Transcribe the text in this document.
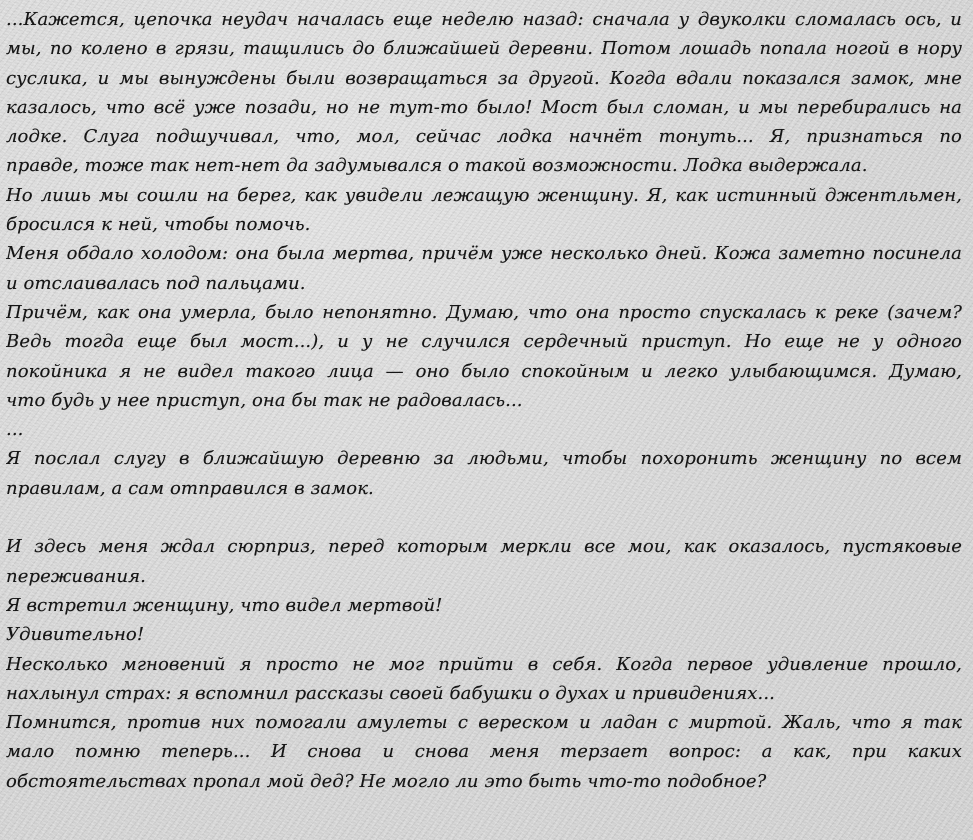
...Кажется, цепочка неудач началась еще неделю назад: сначала у двуколки сломалась ось, и
мы, по колено в грязи, тащились до ближайшей деревни. Потом лошадь попала ногой в нору
суслика, и мы вынуждены были возвращаться за другой. Когда вдали показался замок, мне
казалось, что всё уже позади, но не тут-то было! Мост был сломан, и мы перебирались на
лодке. Слуга подшучивал, что, мол, сейчас лодка начнёт тонуть... Я, признаться по
правде, тоже так нет-нет да задумывался о такой возможности. Лодка выдержала.
Но лишь мы сошли на берег, как увидели лежащую женщину. Я, как истинный джентльмен,
бросился к ней, чтобы помочь.
Меня обдало холодом: она была мертва, причём уже несколько дней. Кожа заметно посинела
и отслаивалась под пальцами.
Причём, как она умерла, было непонятно. Думаю, что она просто спускалась к реке (зачем?
Ведь тогда еще был мост...), и у не случился сердечный приступ. Но еще не у одного
покойника я не видел такого лица — оно было спокойным и легко улыбающимся. Думаю,
что будь у нее приступ, она бы так не радовалась...
...
Я послал слугу в ближайшую деревню за людьми, чтобы похоронить женщину по всем
правилам, а сам отправился в замок.
И здесь меня ждал сюрприз, перед которым меркли все мои, как оказалось, пустяковые
переживания.
Я встретил женщину, что видел мертвой!
Удивительно!
Несколько мгновений я просто не мог прийти в себя. Когда первое удивление прошло,
нахлынул страх: я вспомнил рассказы своей бабушки о духах и привидениях...
Помнится, против них помогали амулеты с вереском и ладан с миртой. Жаль, что я так
мало помню теперь... И снова и снова меня терзает вопрос: а как, при каких
обстоятельствах пропал мой дед? Не могло ли это быть что-то подобное?
